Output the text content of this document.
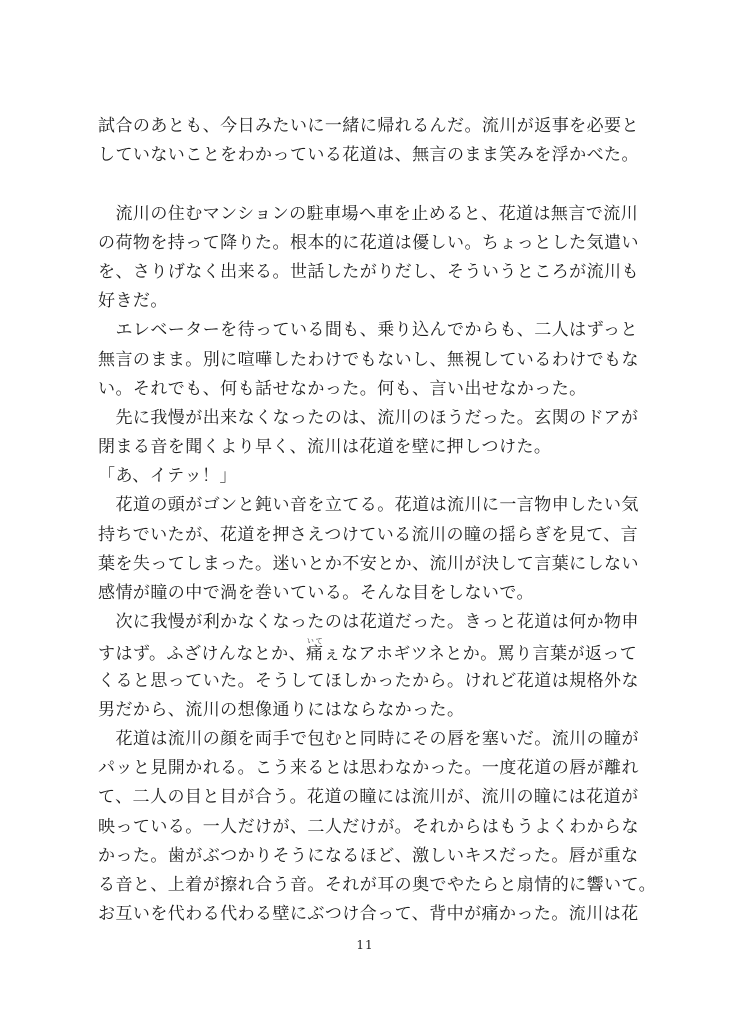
試合のあとも、今日みたいに一緒に帰れるんだ。流川が返事を必要と
していないことをわかっている花道は、無言のまま笑みを浮かべた。
　流川の住むマンションの駐車場へ車を止めると、花道は無言で流川
の荷物を持って降りた。根本的に花道は優しい。ちょっとした気遣い
を、さりげなく出来る。世話したがりだし、そういうところが流川も
好きだ。
　エレベーターを待っている間も、乗り込んでからも、二人はずっと
無言のまま。別に喧嘩したわけでもないし、無視しているわけでもな
い。それでも、何も話せなかった。何も、言い出せなかった。
　先に我慢が出来なくなったのは、流川のほうだった。玄関のドアが
閉まる音を聞くより早く、流川は花道を壁に押しつけた。
「あ、イテッ！」
　花道の頭がゴンと鈍い音を立てる。花道は流川に一言物申したい気
持ちでいたが、花道を押さえつけている流川の瞳の揺らぎを見て、言
葉を失ってしまった。迷いとか不安とか、流川が決して言葉にしない
感情が瞳の中で渦を巻いている。そんな目をしないで。
　次に我慢が利かなくなったのは花道だった。きっと花道は何か物申
すはず。ふざけんなとか、痛いてぇなアホギツネとか。罵り言葉が返って
くると思っていた。そうしてほしかったから。けれど花道は規格外な
男だから、流川の想像通りにはならなかった。
　花道は流川の顔を両手で包むと同時にその唇を塞いだ。流川の瞳が
パッと見開かれる。こう来るとは思わなかった。一度花道の唇が離れ
て、二人の目と目が合う。花道の瞳には流川が、流川の瞳には花道が
映っている。一人だけが、二人だけが。それからはもうよくわからな
かった。歯がぶつかりそうになるほど、激しいキスだった。唇が重な
る音と、上着が擦れ合う音。それが耳の奥でやたらと扇情的に響いて。
お互いを代わる代わる壁にぶつけ合って、背中が痛かった。流川は花
11
